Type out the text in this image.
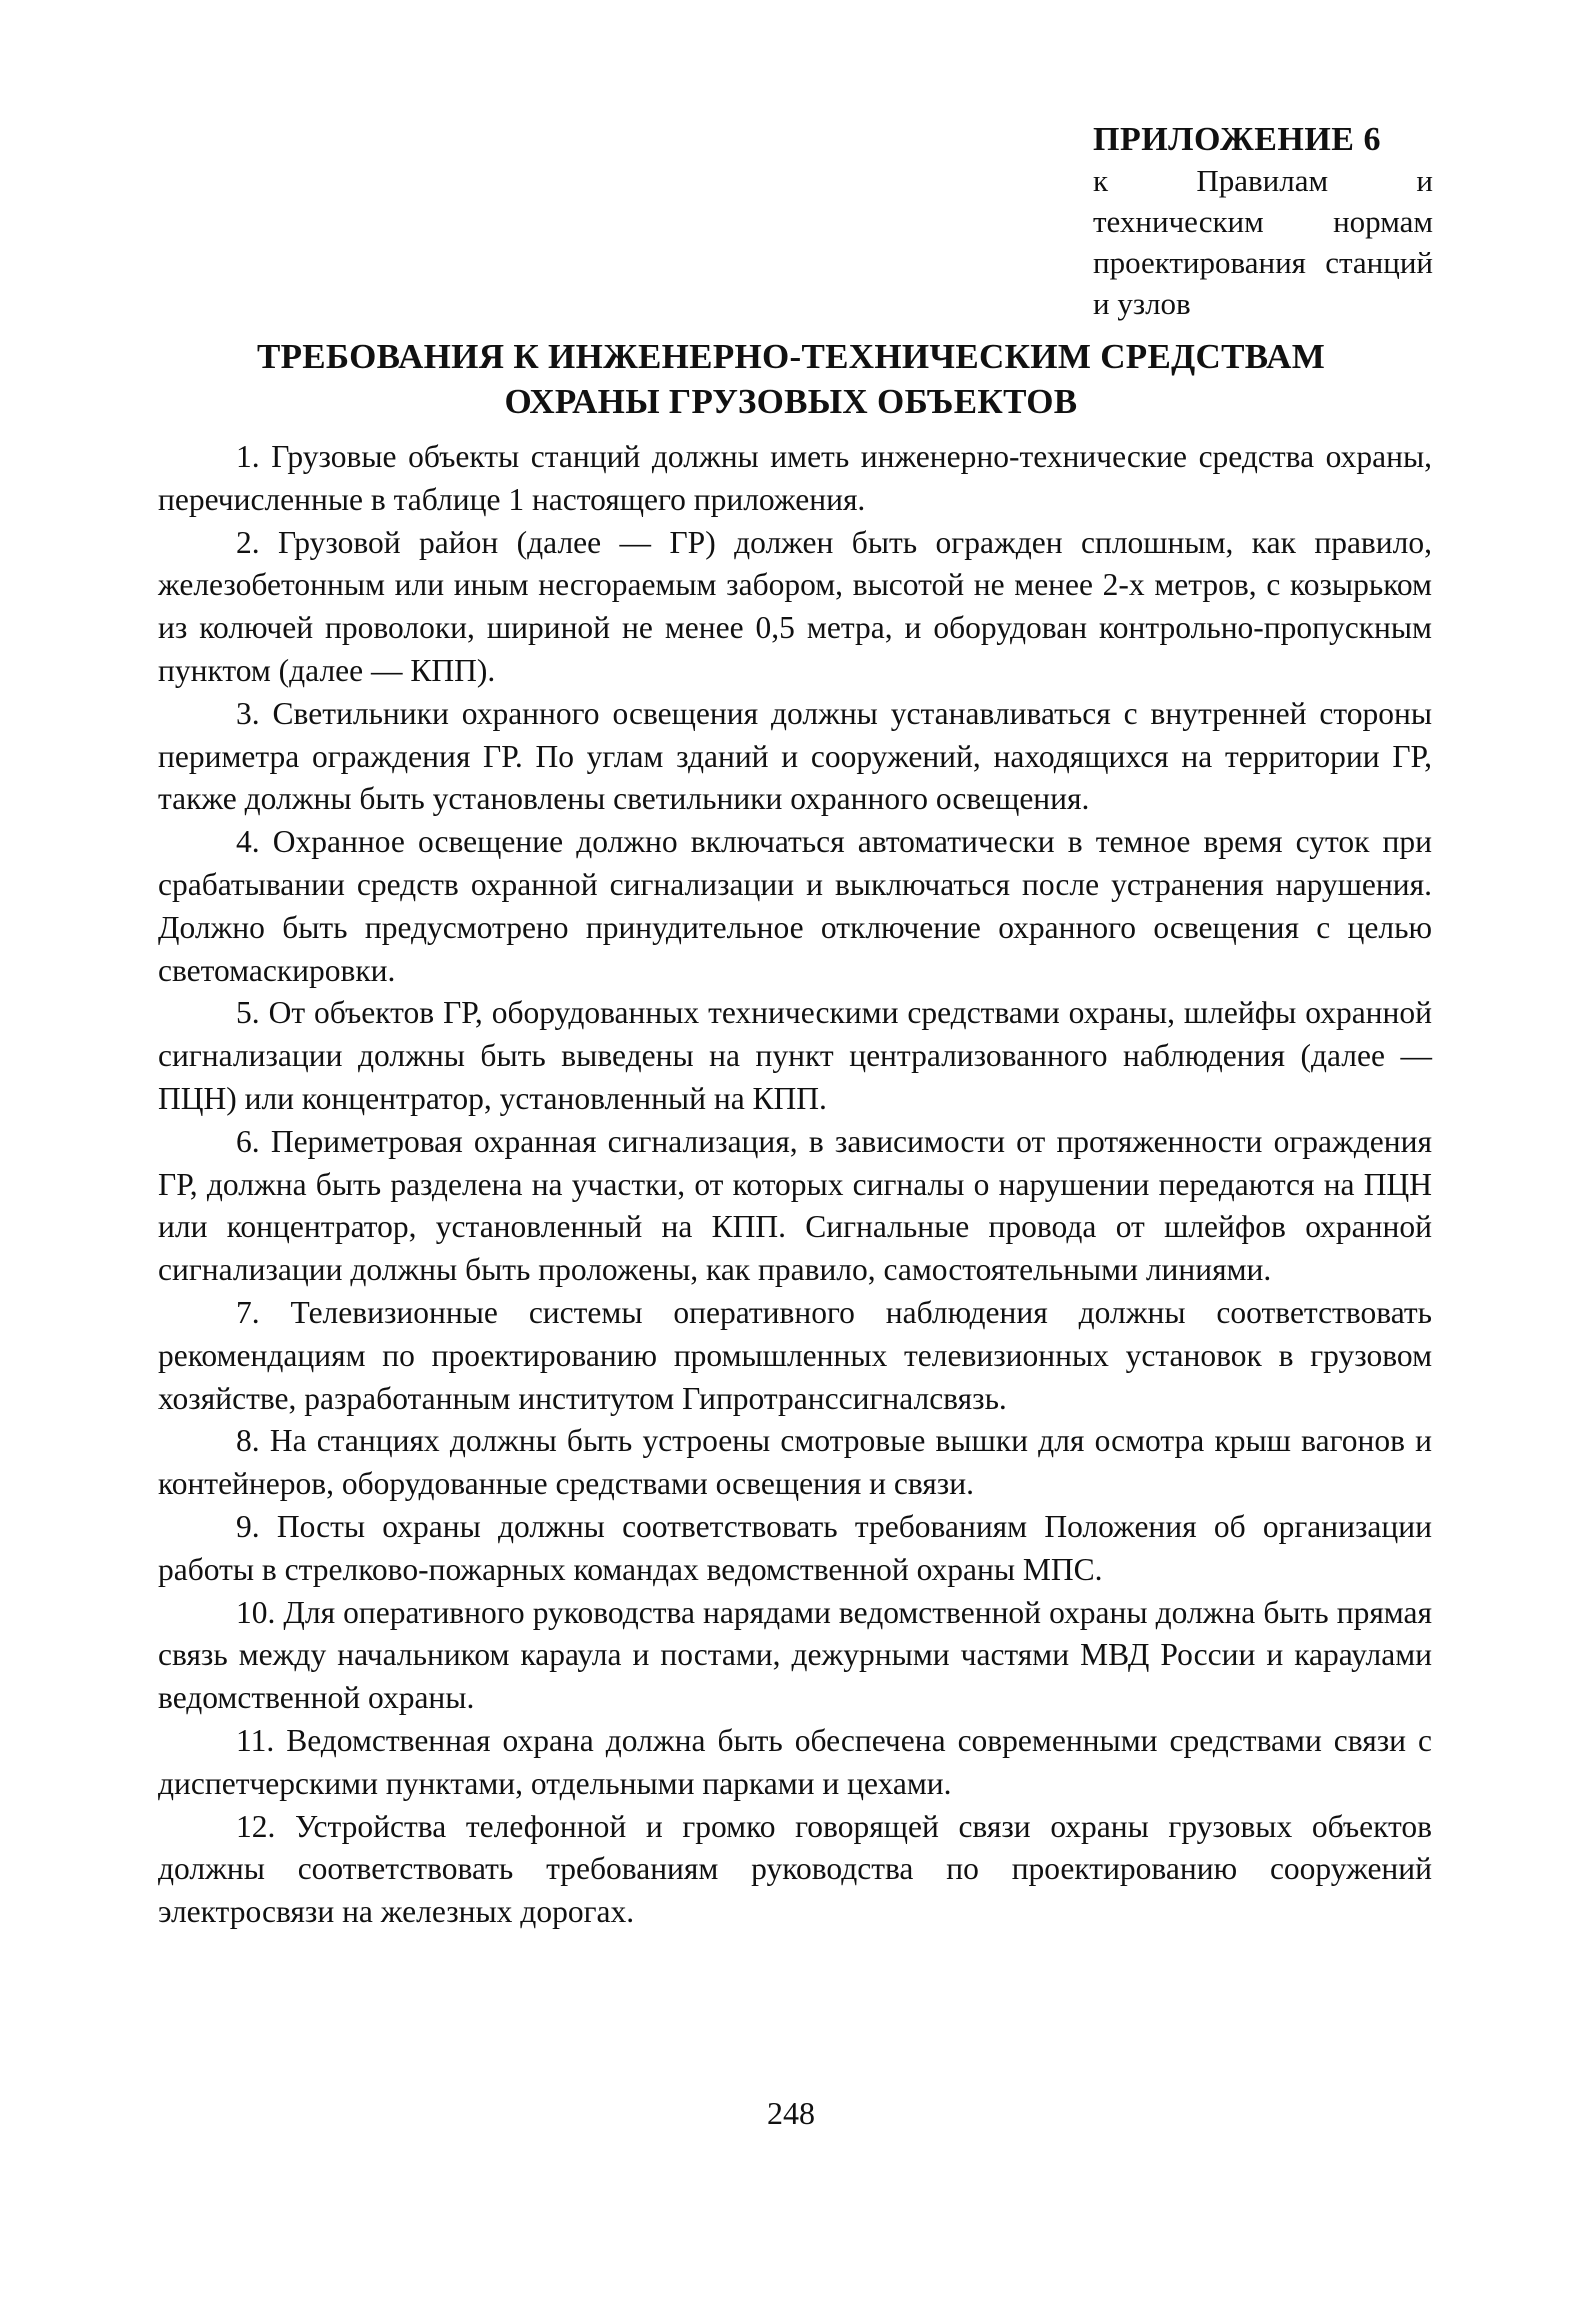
ПРИЛОЖЕНИЕ 6
к Правилам и техническим нормам проектирования станций и узлов
ТРЕБОВАНИЯ К ИНЖЕНЕРНО-ТЕХНИЧЕСКИМ СРЕДСТВАМ
ОХРАНЫ ГРУЗОВЫХ ОБЪЕКТОВ

1. Грузовые объекты станций должны иметь инженерно-технические средства охраны, перечисленные в таблице 1 настоящего приложения.

2. Грузовой район (далее — ГР) должен быть огражден сплошным, как правило, железобетонным или иным несгораемым забором, высотой не менее 2-х метров, с козырьком из колючей проволоки, шириной не менее 0,5 метра, и оборудован контрольно-пропускным пунктом (далее — КПП).

3. Светильники охранного освещения должны устанавливаться с внутренней стороны периметра ограждения ГР. По углам зданий и сооружений, находящихся на территории ГР, также должны быть установлены светильники охранного освещения.

4. Охранное освещение должно включаться автоматически в темное время суток при срабатывании средств охранной сигнализации и выключаться после устранения нарушения. Должно быть предусмотрено принудительное отключение охранного освещения с целью светомаскировки.

5. От объектов ГР, оборудованных техническими средствами охраны, шлейфы охранной сигнализации должны быть выведены на пункт централизованного наблюдения (далее — ПЦН) или концентратор, установленный на КПП.

6. Периметровая охранная сигнализация, в зависимости от протяженности ограждения ГР, должна быть разделена на участки, от которых сигналы о нарушении передаются на ПЦН или концентратор, установленный на КПП. Сигнальные провода от шлейфов охранной сигнализации должны быть проложены, как правило, самостоятельными линиями.

7. Телевизионные системы оперативного наблюдения должны соответствовать рекомендациям по проектированию промышленных телевизионных установок в грузовом хозяйстве, разработанным институтом Гипротранссигналсвязь.

8. На станциях должны быть устроены смотровые вышки для осмотра крыш вагонов и контейнеров, оборудованные средствами освещения и связи.

9. Посты охраны должны соответствовать требованиям Положения об организации работы в стрелково-пожарных командах ведомственной охраны МПС.

10. Для оперативного руководства нарядами ведомственной охраны должна быть прямая связь между начальником караула и постами, дежурными частями МВД России и караулами ведомственной охраны.

11. Ведомственная охрана должна быть обеспечена современными средствами связи с диспетчерскими пунктами, отдельными парками и цехами.

12. Устройства телефонной и громко говорящей связи охраны грузовых объектов должны соответствовать требованиям руководства по проектированию сооружений электросвязи на железных дорогах.

248
